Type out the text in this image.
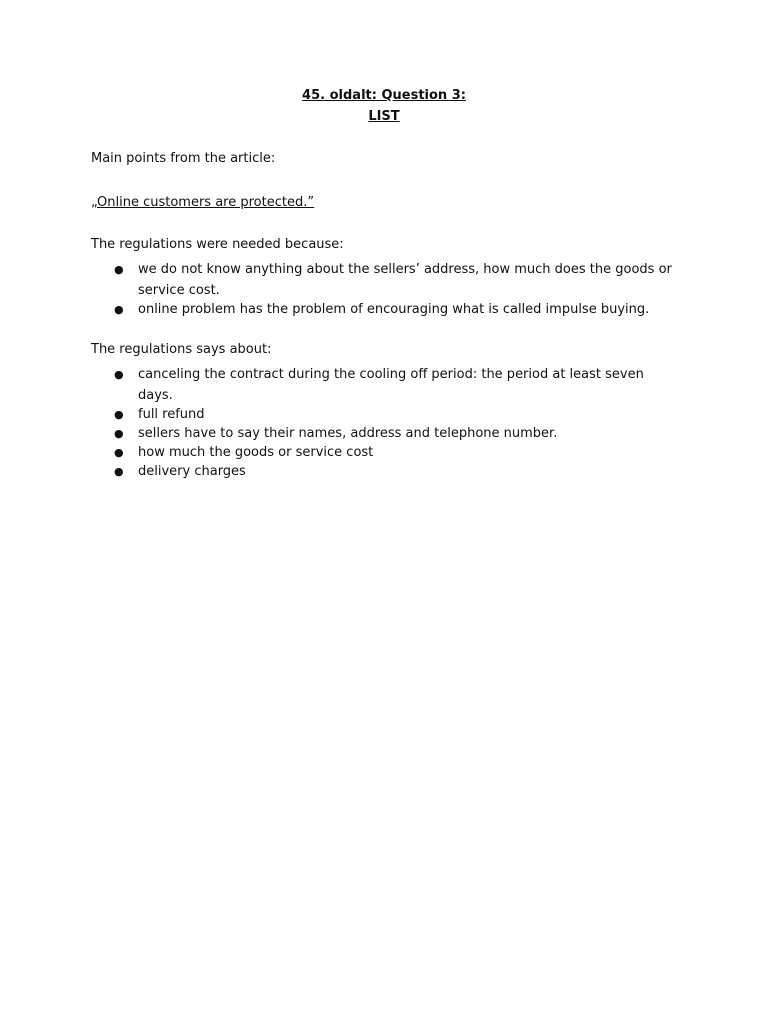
45. oldalt: Question 3:
LIST
Main points from the article:
„Online customers are protected.”
The regulations were needed because:
● we do not know anything about the sellers’ address, how much does the goods or service cost.
● online problem has the problem of encouraging what is called impulse buying.
The regulations says about:
● canceling the contract during the cooling off period: the period at least seven days.
● full refund
● sellers have to say their names, address and telephone number.
● how much the goods or service cost
● delivery charges
